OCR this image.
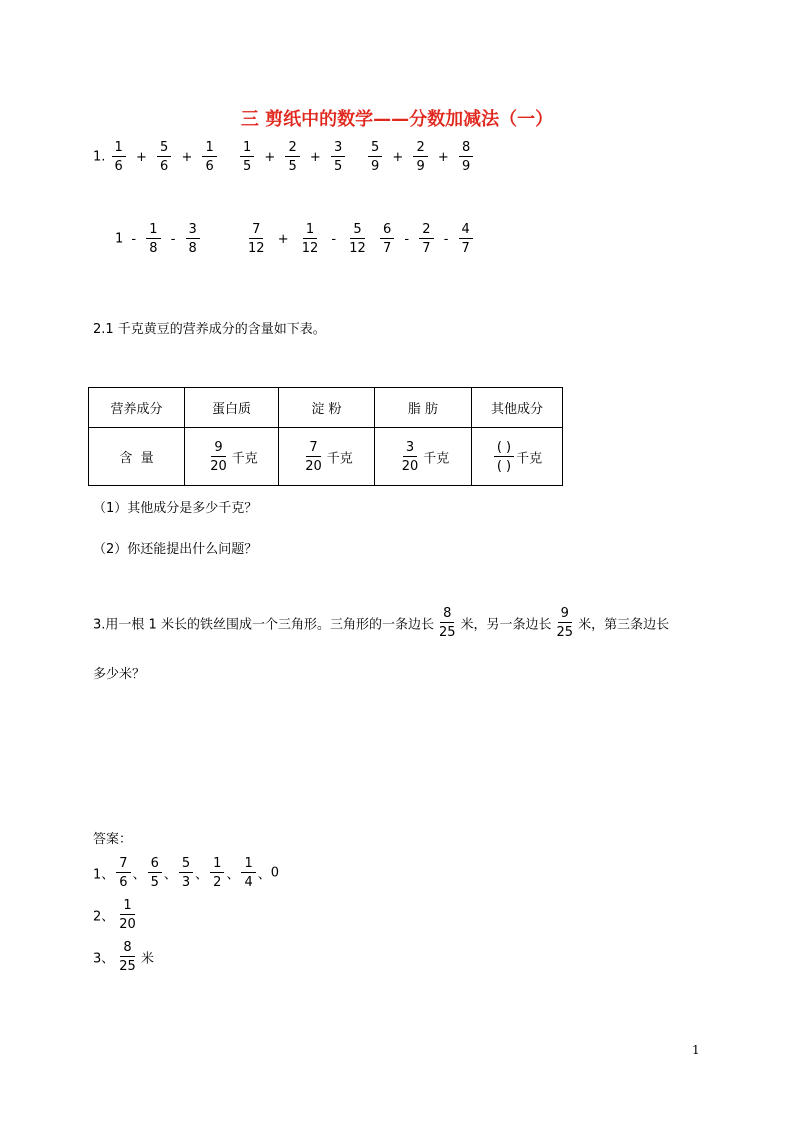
三 剪纸中的数学——分数加减法（一）
1. $\frac{1}{6} + \frac{5}{6} + \frac{1}{6} \frac{1}{5} + \frac{2}{5} + \frac{3}{5} \frac{5}{9} + \frac{2}{9} + \frac{8}{9}$
$1 - \frac{1}{8} - \frac{3}{8}$	$\frac{7}{12} + \frac{1}{12} - \frac{5}{12} \frac{6}{7} - \frac{2}{7} - \frac{4}{7}$
2.1 千克黄豆的营养成分的含量如下表。
营养成分	蛋白质	淀 粉	脂 肪	其他成分
含  量	$\frac{9}{20}$ 千克	$\frac{7}{20}$ 千克	$\frac{3}{20}$ 千克	$\frac{( )}{( )}$ 千克
（1）其他成分是多少千克？
（2）你还能提出什么问题？
3.用一根 1 米长的铁丝围成一个三角形。三角形的一条边长 $\frac{8}{25}$ 米，另一条边长 $\frac{9}{25}$ 米，第三条边长
多少米？
答案：
1、 $\frac{7}{6}$ 、 $\frac{6}{5}$ 、 $\frac{5}{3}$ 、 $\frac{1}{2}$ 、 $\frac{1}{4}$ 、0
2、 $\frac{1}{20}$
3、 $\frac{8}{25}$ 米
1
